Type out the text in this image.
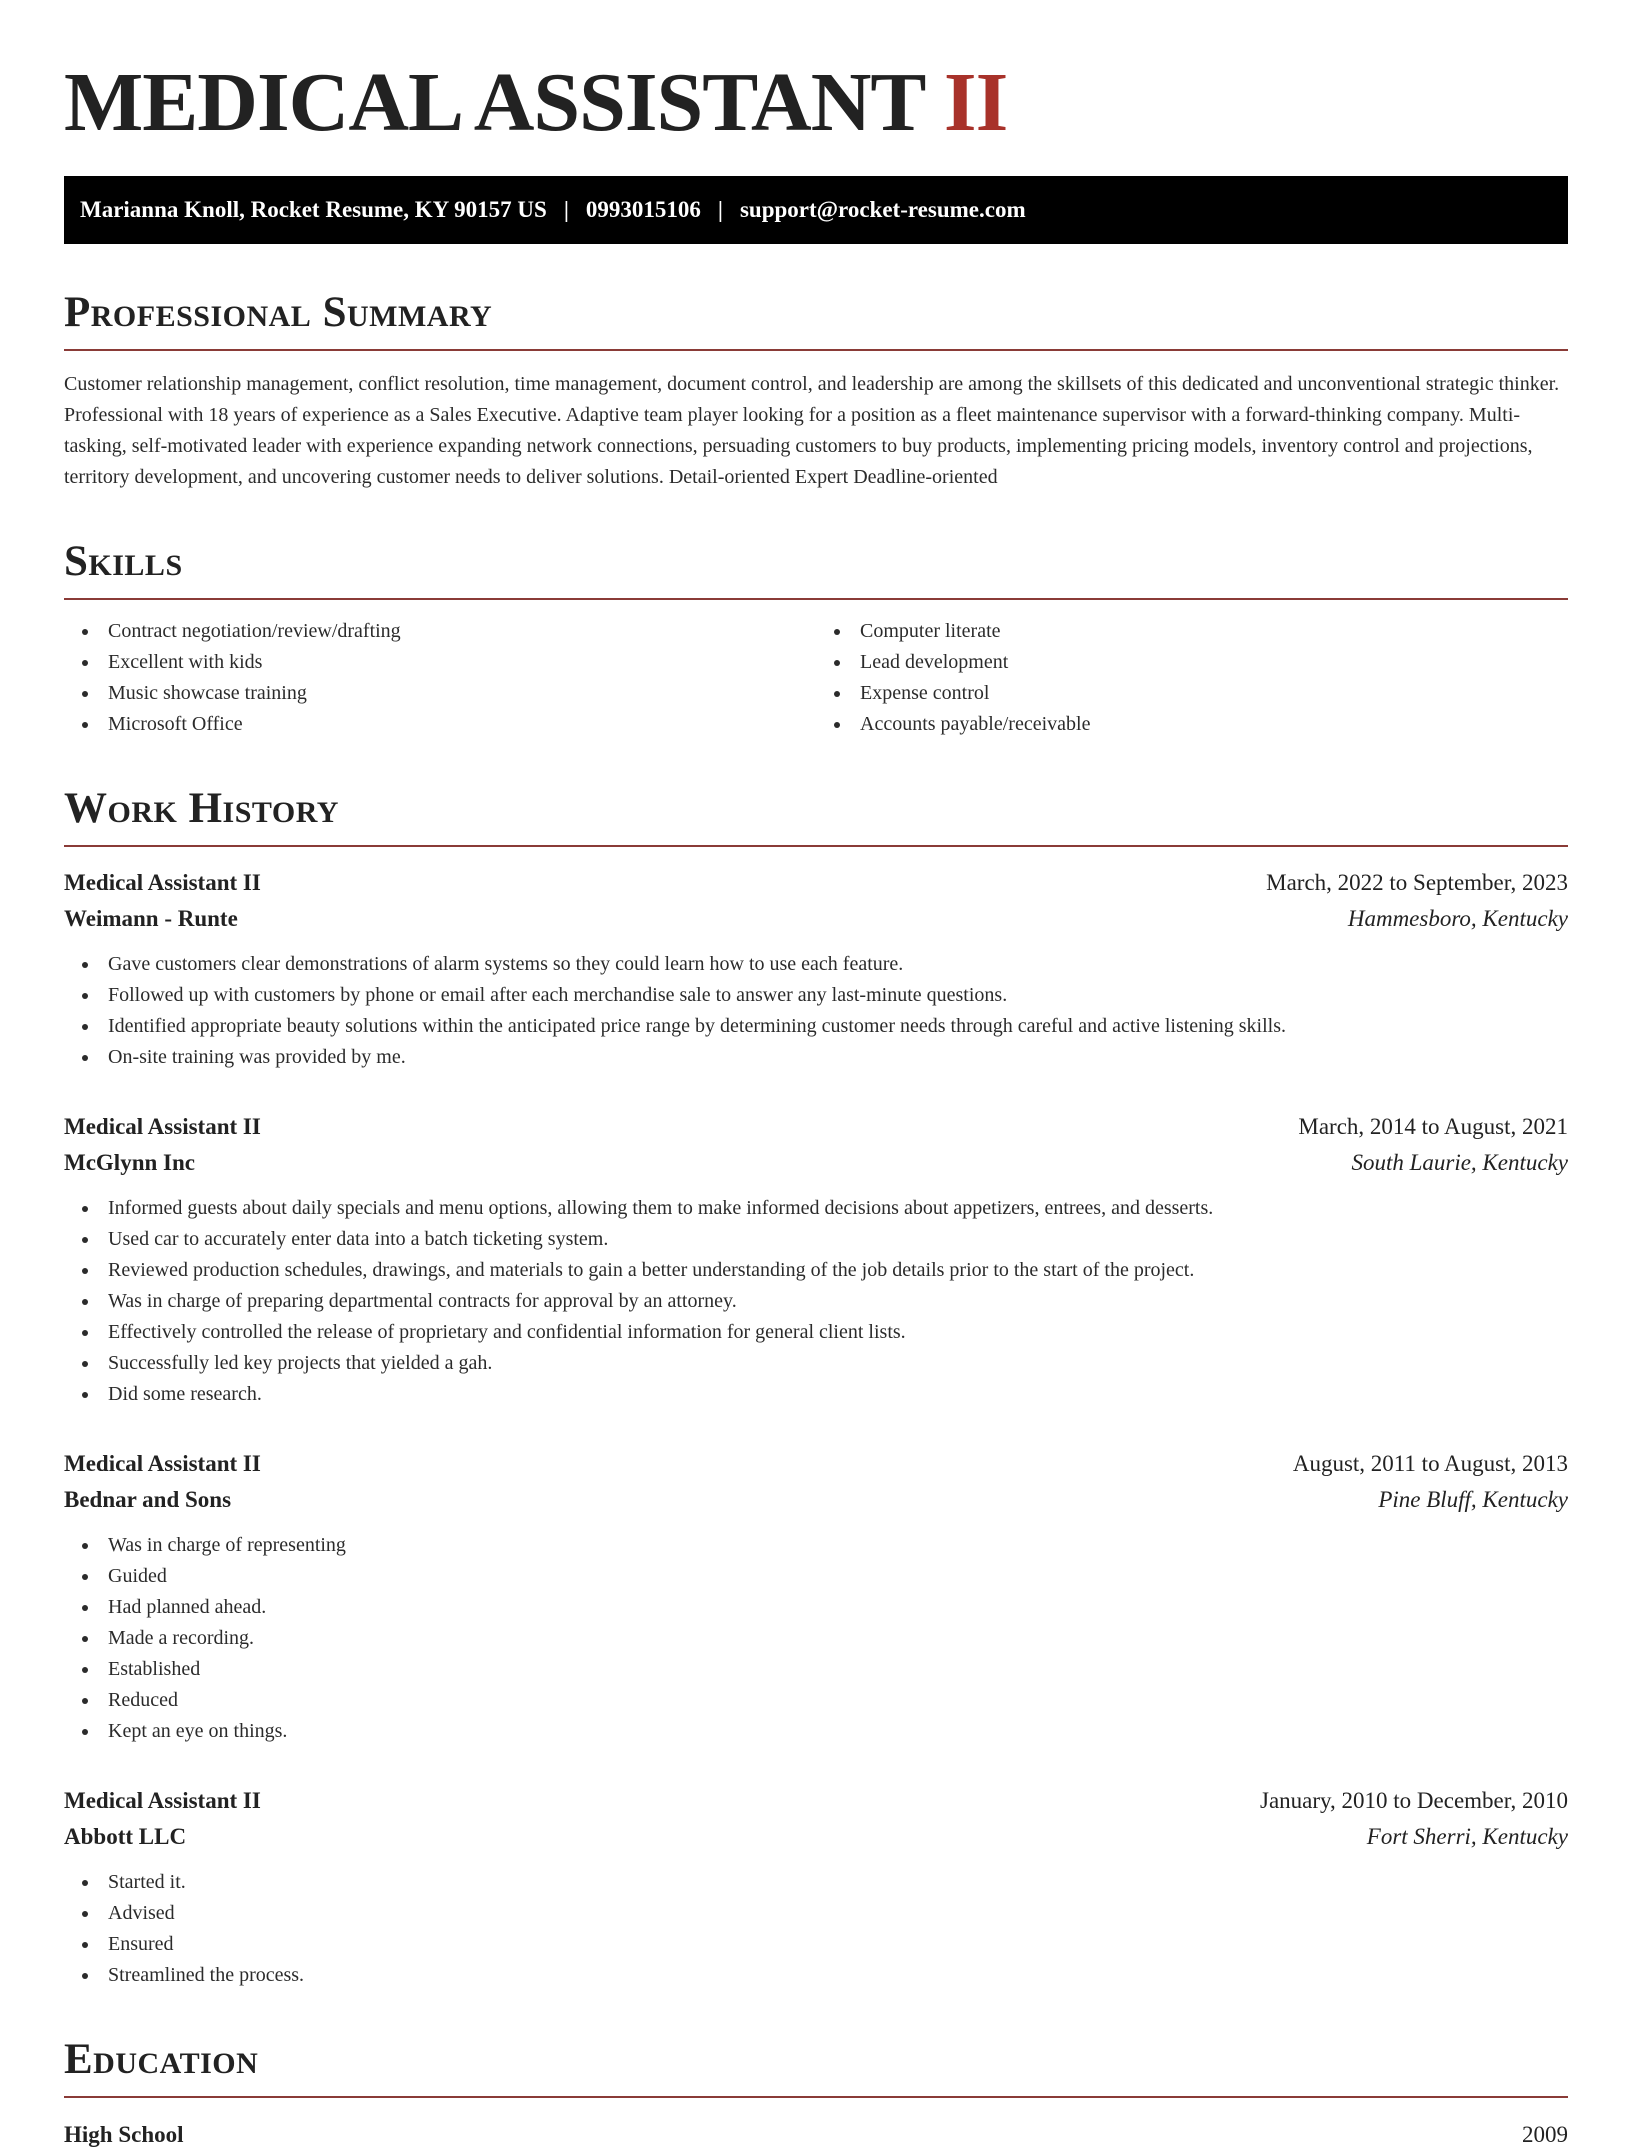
MEDICAL ASSISTANT II
Marianna Knoll, Rocket Resume, KY 90157 US | 0993015106 | support@rocket-resume.com
Professional Summary

Customer relationship management, conflict resolution, time management, document control, and leadership are among the skillsets of this dedicated and unconventional strategic thinker. Professional with 18 years of experience as a Sales Executive. Adaptive team player looking for a position as a fleet maintenance supervisor with a forward-thinking company. Multi-tasking, self-motivated leader with experience expanding network connections, persuading customers to buy products, implementing pricing models, inventory control and projections, territory development, and uncovering customer needs to deliver solutions. Detail-oriented Expert Deadline-oriented

Skills
Contract negotiation/review/drafting
Excellent with kids
Music showcase training
Microsoft Office
Computer literate
Lead development
Expense control
Accounts payable/receivable
Work History
Medical Assistant II	March, 2022 to September, 2023
Weimann - Runte	Hammesboro, Kentucky
Gave customers clear demonstrations of alarm systems so they could learn how to use each feature.
Followed up with customers by phone or email after each merchandise sale to answer any last-minute questions.
Identified appropriate beauty solutions within the anticipated price range by determining customer needs through careful and active listening skills.
On-site training was provided by me.
Medical Assistant II	March, 2014 to August, 2021
McGlynn Inc	South Laurie, Kentucky
Informed guests about daily specials and menu options, allowing them to make informed decisions about appetizers, entrees, and desserts.
Used car to accurately enter data into a batch ticketing system.
Reviewed production schedules, drawings, and materials to gain a better understanding of the job details prior to the start of the project.
Was in charge of preparing departmental contracts for approval by an attorney.
Effectively controlled the release of proprietary and confidential information for general client lists.
Successfully led key projects that yielded a gah.
Did some research.
Medical Assistant II	August, 2011 to August, 2013
Bednar and Sons	Pine Bluff, Kentucky
Was in charge of representing
Guided
Had planned ahead.
Made a recording.
Established
Reduced
Kept an eye on things.
Medical Assistant II	January, 2010 to December, 2010
Abbott LLC	Fort Sherri, Kentucky
Started it.
Advised
Ensured
Streamlined the process.
Education
High School	2009
